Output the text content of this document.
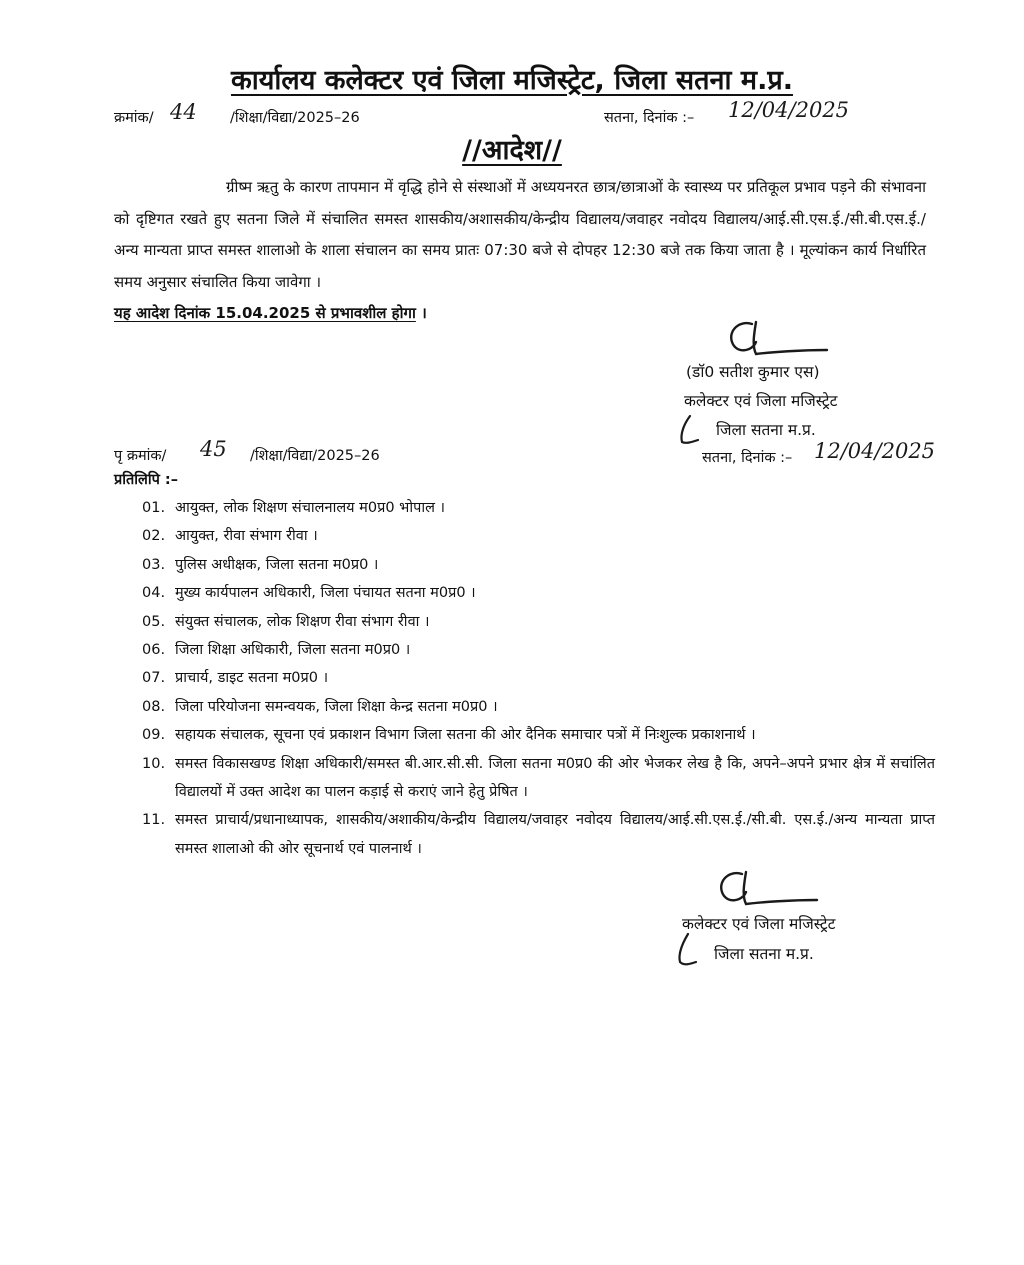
कार्यालय कलेक्टर एवं जिला मजिस्ट्रेट, जिला सतना म.प्र.
क्रमांक/ 44 /शिक्षा/विद्या/2025–26	सतना, दिनांक :– 12/04/2025
//आदेश//

ग्रीष्म ऋतु के कारण तापमान में वृद्धि होने से संस्थाओं में अध्ययनरत छात्र/छात्राओं के स्वास्थ्य पर प्रतिकूल प्रभाव पड़ने की संभावना को दृष्टिगत रखते हुए सतना जिले में संचालित समस्त शासकीय/अशासकीय/केन्द्रीय विद्यालय/जवाहर नवोदय विद्यालय/आई.सी.एस.ई./सी.बी.एस.ई./अन्य मान्यता प्राप्त समस्त शालाओ के शाला संचालन का समय प्रातः 07:30 बजे से दोपहर 12:30 बजे तक किया जाता है । मूल्यांकन कार्य निर्धारित समय अनुसार संचालित किया जावेगा ।

यह आदेश दिनांक 15.04.2025 से प्रभावशील होगा ।
(डॉ0 सतीश कुमार एस)
कलेक्टर एवं जिला मजिस्ट्रेट
जिला सतना म.प्र.
सतना, दिनांक :– 12/04/2025
पृ क्रमांक/ 45 /शिक्षा/विद्या/2025–26
प्रतिलिपि :–
01. आयुक्त, लोक शिक्षण संचालनालय म0प्र0 भोपाल ।
02. आयुक्त, रीवा संभाग रीवा ।
03. पुलिस अधीक्षक, जिला सतना म0प्र0 ।
04. मुख्य कार्यपालन अधिकारी, जिला पंचायत सतना म0प्र0 ।
05. संयुक्त संचालक, लोक शिक्षण रीवा संभाग रीवा ।
06. जिला शिक्षा अधिकारी, जिला सतना म0प्र0 ।
07. प्राचार्य, डाइट सतना म0प्र0 ।
08. जिला परियोजना समन्वयक, जिला शिक्षा केन्द्र सतना म0प्र0 ।
09. सहायक संचालक, सूचना एवं प्रकाशन विभाग जिला सतना की ओर दैनिक समाचार पत्रों में निःशुल्क प्रकाशनार्थ ।
10. समस्त विकासखण्ड शिक्षा अधिकारी/समस्त बी.आर.सी.सी. जिला सतना म0प्र0 की ओर भेजकर लेख है कि, अपने–अपने प्रभार क्षेत्र में सचांलित विद्यालयों में उक्त आदेश का पालन कड़ाई से कराएं जाने हेतु प्रेषित ।
11. समस्त प्राचार्य/प्रधानाध्यापक, शासकीय/अशाकीय/केन्द्रीय विद्यालय/जवाहर नवोदय विद्यालय/आई.सी.एस.ई./सी.बी. एस.ई./अन्य मान्यता प्राप्त समस्त शालाओ की ओर सूचनार्थ एवं पालनार्थ ।
कलेक्टर एवं जिला मजिस्ट्रेट
जिला सतना म.प्र.
